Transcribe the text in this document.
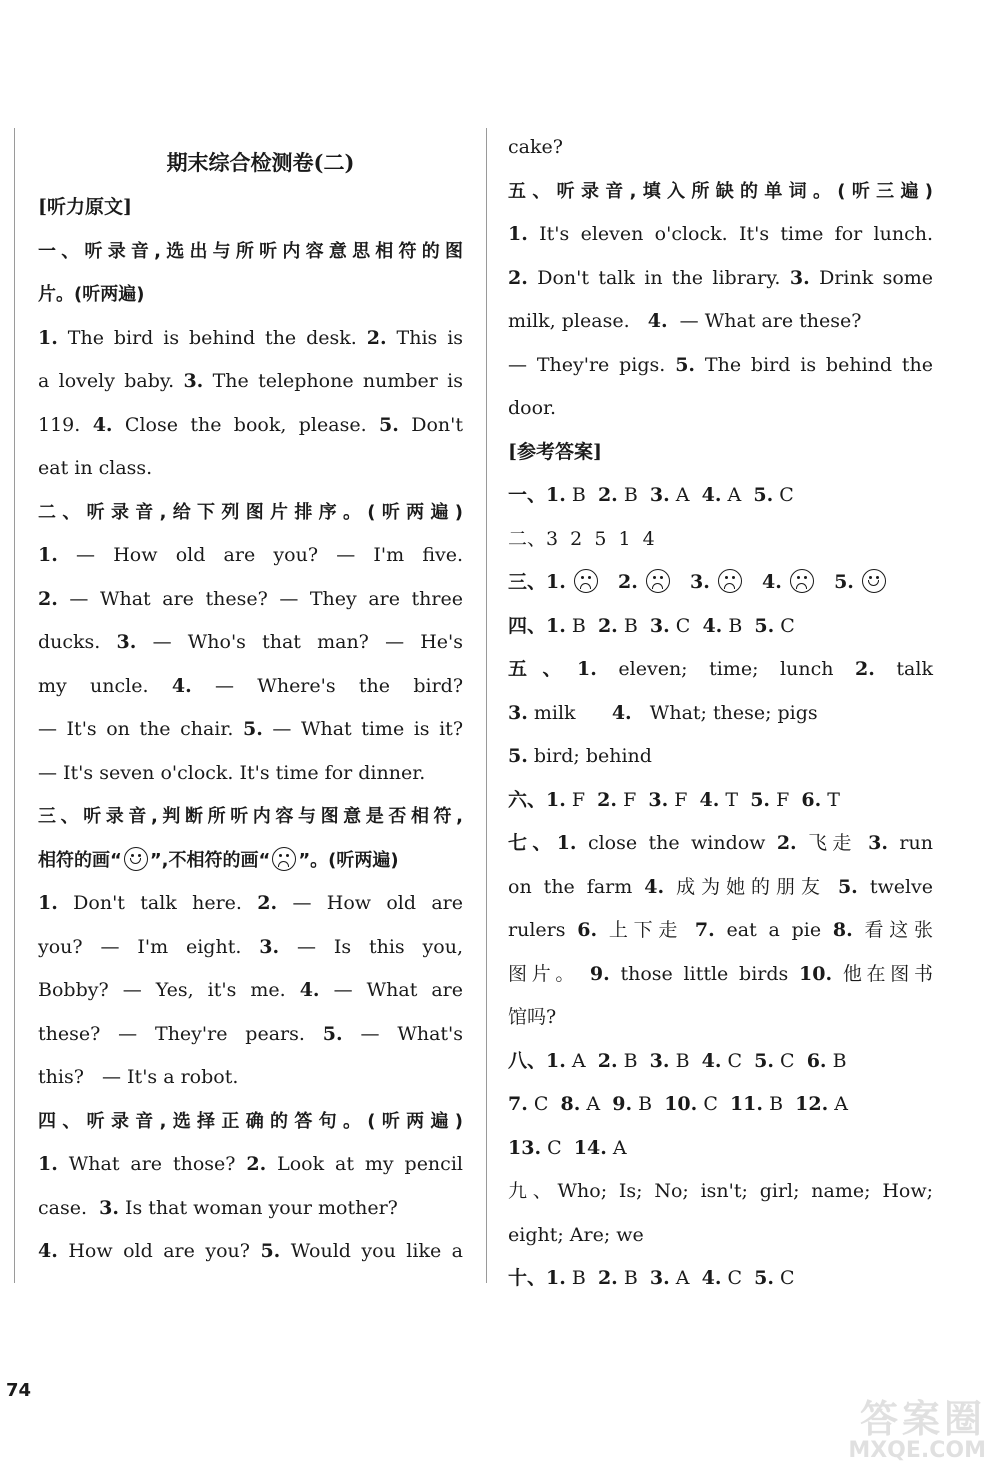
期末综合检测卷(二)
[听力原文]
一、听录音,选出与所听内容意思相符的图
片。(听两遍)
1. The bird is behind the desk. 2. This is
a lovely baby. 3. The telephone number is
119. 4. Close the book, please. 5. Don't
eat in class.
二、听录音,给下列图片排序。(听两遍)
1. — How old are you? — I'm five.
2. — What are these? — They are three
ducks. 3. — Who's that man? — He's
my uncle. 4. — Where's the bird?
— It's on the chair. 5. — What time is it?
— It's seven o'clock. It's time for dinner.
三、听录音,判断所听内容与图意是否相符,
相符的画“ ”,不相符的画“ ”。(听两遍)
1. Don't talk here. 2. — How old are
you? — I'm eight. 3. — Is this you,
Bobby? — Yes, it's me. 4. — What are
these? — They're pears. 5. — What's
this? — It's a robot.
四、听录音,选择正确的答句。(听两遍)
1. What are those? 2. Look at my pencil
case. 3. Is that woman your mother?
4. How old are you? 5. Would you like a
cake?
五、听录音,填入所缺的单词。(听三遍)
1. It's eleven o'clock. It's time for lunch.
2. Don't talk in the library. 3. Drink some
milk, please. 4. — What are these?
— They're pigs. 5. The bird is behind the
door.
[参考答案]
一、1. B 2. B 3. A 4. A 5. C
二、3  2  5  1  4
三、1.	2.	3.	4.	5.
四、1. B 2. B 3. C 4. B 5. C
五、1. eleven; time; lunch 2. talk
3. milk 4. What; these; pigs
5. bird; behind
六、1. F 2. F 3. F 4. T 5. F 6. T
七、1. close the window 2. 飞走 3. run
on the farm 4. 成为她的朋友 5. twelve
rulers 6. 上下走 7. eat a pie 8. 看这张
图片。 9. those little birds 10. 他在图书
馆吗?
八、1. A 2. B 3. B 4. C 5. C 6. B
7. C 8. A 9. B 10. C 11. B 12. A
13. C 14. A
九、Who; Is; No; isn't; girl; name; How;
eight; Are; we
十、1. B 2. B 3. A 4. C 5. C
74
答案圈
MXQE.COM
